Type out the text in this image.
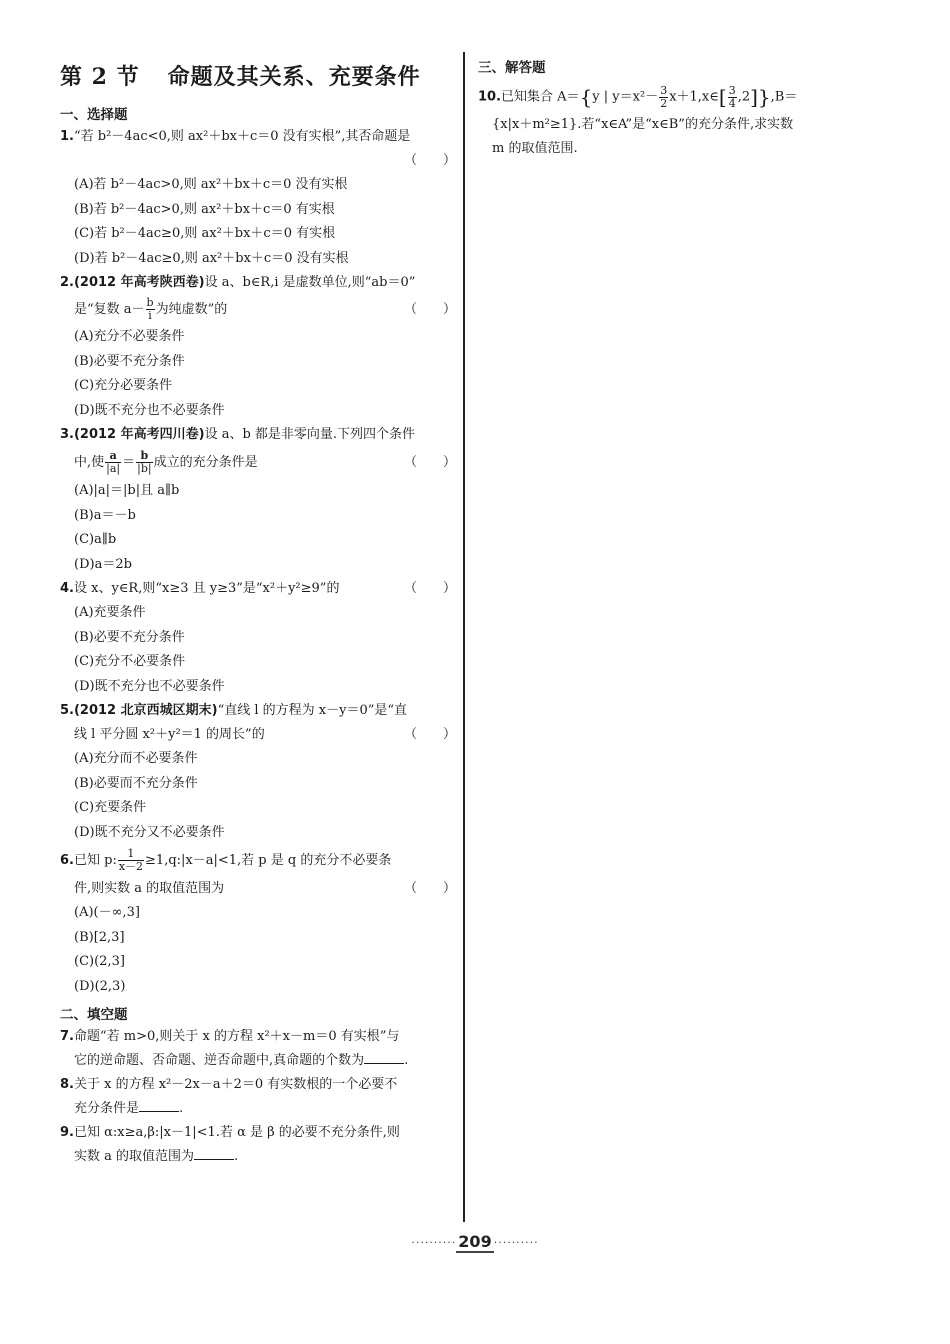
第 2 节 命题及其关系、充要条件
一、选择题
1.“若 b²－4ac<0,则 ax²＋bx＋c＝0 没有实根”,其否命题是
（　　）
(A)若 b²－4ac>0,则 ax²＋bx＋c＝0 没有实根
(B)若 b²－4ac>0,则 ax²＋bx＋c＝0 有实根
(C)若 b²－4ac≥0,则 ax²＋bx＋c＝0 有实根
(D)若 b²－4ac≥0,则 ax²＋bx＋c＝0 没有实根
2.(2012 年高考陕西卷)设 a、b∈R,i 是虚数单位,则“ab＝0”
是“复数 $a- \frac{b}{i}$ 为纯虚数”的	（　　）
(A)充分不必要条件
(B)必要不充分条件
(C)充分必要条件
(D)既不充分也不必要条件
3.(2012 年高考四川卷)设 a、b 都是非零向量.下列四个条件
中,使 $\frac{a}{|a|} = \frac{b}{|b|}$ 成立的充分条件是	（　　）
(A)|a|＝|b|且 a∥b
(B)a＝－b
(C)a∥b
(D)a＝2b
4.设 x、y∈R,则“x≥3 且 y≥3”是“x²＋y²≥9”的	（　　）
(A)充要条件
(B)必要不充分条件
(C)充分不必要条件
(D)既不充分也不必要条件
5.(2012 北京西城区期末)“直线 l 的方程为 x－y＝0”是“直
线 l 平分圆 x²＋y²＝1 的周长”的	（　　）
(A)充分而不必要条件
(B)必要而不充分条件
(C)充要条件
(D)既不充分又不必要条件
6.已知 p: $\frac{1}{x-2}$ ≥1,q:|x－a|<1,若 p 是 q 的充分不必要条
件,则实数 a 的取值范围为	（　　）
(A)(－∞,3]
(B)[2,3]
(C)(2,3]
(D)(2,3)
二、填空题
7.命题“若 m>0,则关于 x 的方程 x²＋x－m＝0 有实根”与
它的逆命题、否命题、逆否命题中,真命题的个数为	.
8.关于 x 的方程 x²－2x－a＋2＝0 有实数根的一个必要不
充分条件是	.
9.已知 α:x≥a,β:|x－1|<1.若 α 是 β 的必要不充分条件,则
实数 a 的取值范围为	.
三、解答题
10.已知集合 A＝{y | $y=x^2- \frac{3}{2}$ x＋1,x∈[ $\frac{3}{4} ,2]\},B=$
{x|x＋m²≥1}.若“x∈A”是“x∈B”的充分条件,求实数
m 的取值范围.
·········· 209 ··········
